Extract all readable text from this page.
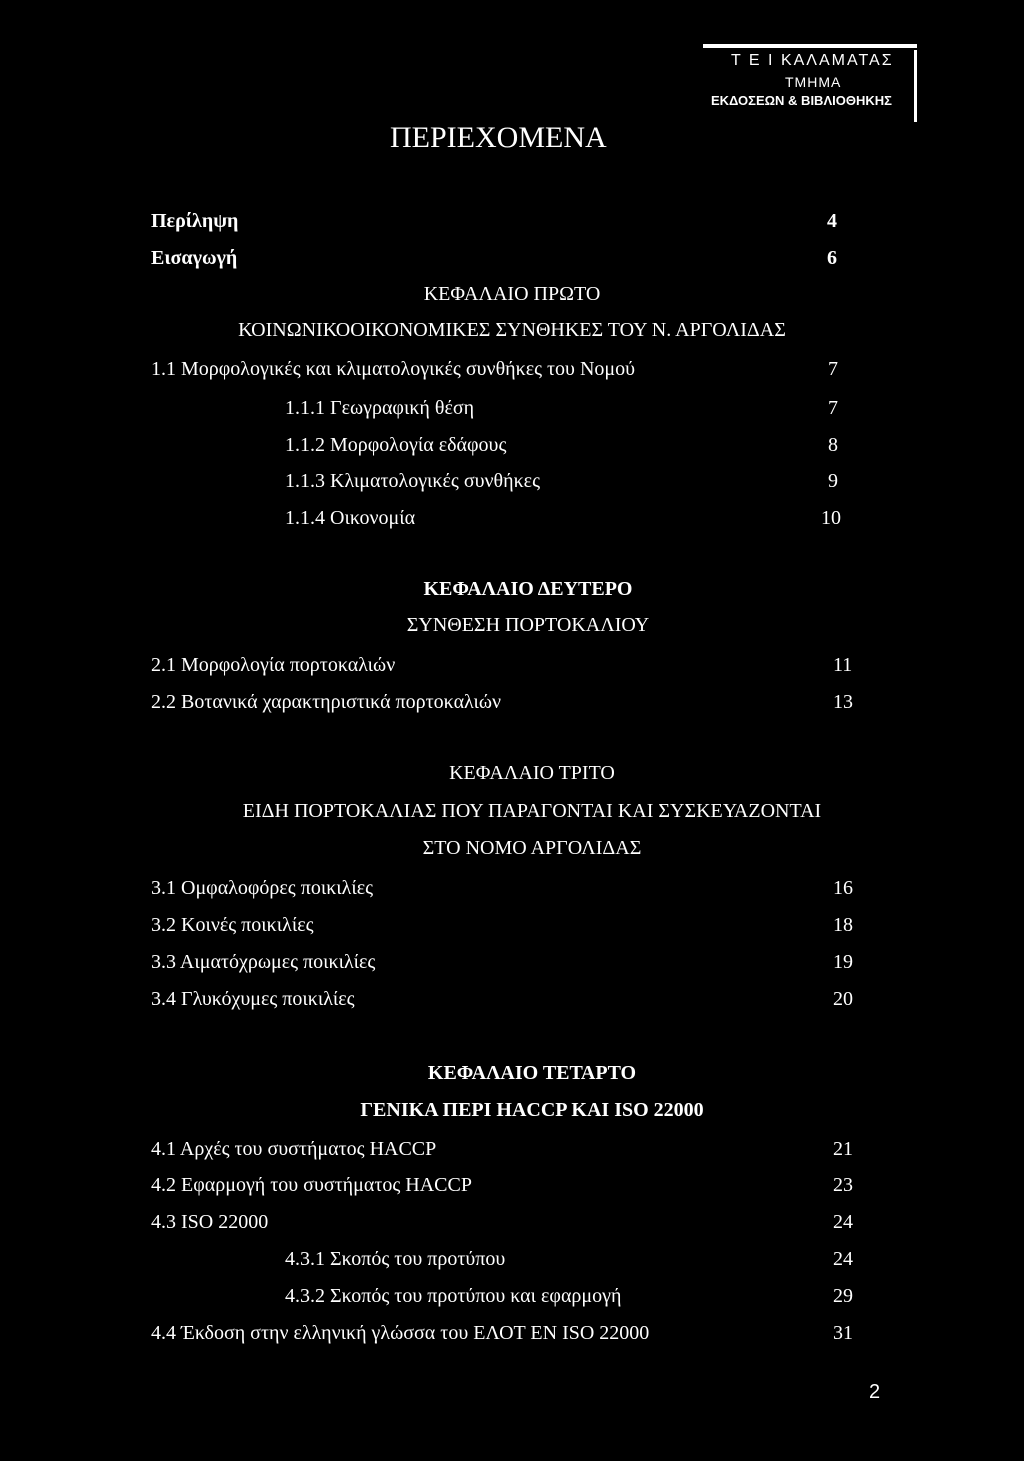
Τ Ε Ι ΚΑΛΑΜΑΤΑΣ
ΤΜΗΜΑ
ΕΚΔΟΣΕΩΝ & ΒΙΒΛΙΟΘΗΚΗΣ
ΠΕΡΙΕΧΟΜΕΝΑ
Περίληψη	4
Εισαγωγή	6
ΚΕΦΑΛΑΙΟ ΠΡΩΤΟ
ΚΟΙΝΩΝΙΚΟΟΙΚΟΝΟΜΙΚΕΣ ΣΥΝΘΗΚΕΣ ΤΟΥ Ν. ΑΡΓΟΛΙΔΑΣ
1.1 Μορφολογικές και κλιματολογικές συνθήκες του Νομού	7
1.1.1 Γεωγραφική θέση	7
1.1.2 Μορφολογία εδάφους	8
1.1.3 Κλιματολογικές συνθήκες	9
1.1.4 Οικονομία	10
ΚΕΦΑΛΑΙΟ ΔΕΥΤΕΡΟ
ΣΥΝΘΕΣΗ ΠΟΡΤΟΚΑΛΙΟΥ
2.1 Μορφολογία πορτοκαλιών	11
2.2 Βοτανικά χαρακτηριστικά πορτοκαλιών	13
ΚΕΦΑΛΑΙΟ ΤΡΙΤΟ
ΕΙΔΗ ΠΟΡΤΟΚΑΛΙΑΣ ΠΟΥ ΠΑΡΑΓΟΝΤΑΙ ΚΑΙ ΣΥΣΚΕΥΑΖΟΝΤΑΙ
ΣΤΟ ΝΟΜΟ ΑΡΓΟΛΙΔΑΣ
3.1 Ομφαλοφόρες ποικιλίες	16
3.2 Κοινές ποικιλίες	18
3.3 Αιματόχρωμες ποικιλίες	19
3.4 Γλυκόχυμες ποικιλίες	20
ΚΕΦΑΛΑΙΟ ΤΕΤΑΡΤΟ
ΓΕΝΙΚΑ ΠΕΡΙ HACCP ΚΑΙ ISO 22000
4.1 Αρχές του συστήματος HACCP	21
4.2 Εφαρμογή του συστήματος HACCP	23
4.3 ISO 22000	24
4.3.1 Σκοπός του προτύπου	24
4.3.2 Σκοπός του προτύπου και εφαρμογή	29
4.4 Έκδοση στην ελληνική γλώσσα του ΕΛΟΤ ΕΝ ISO 22000	31
2
